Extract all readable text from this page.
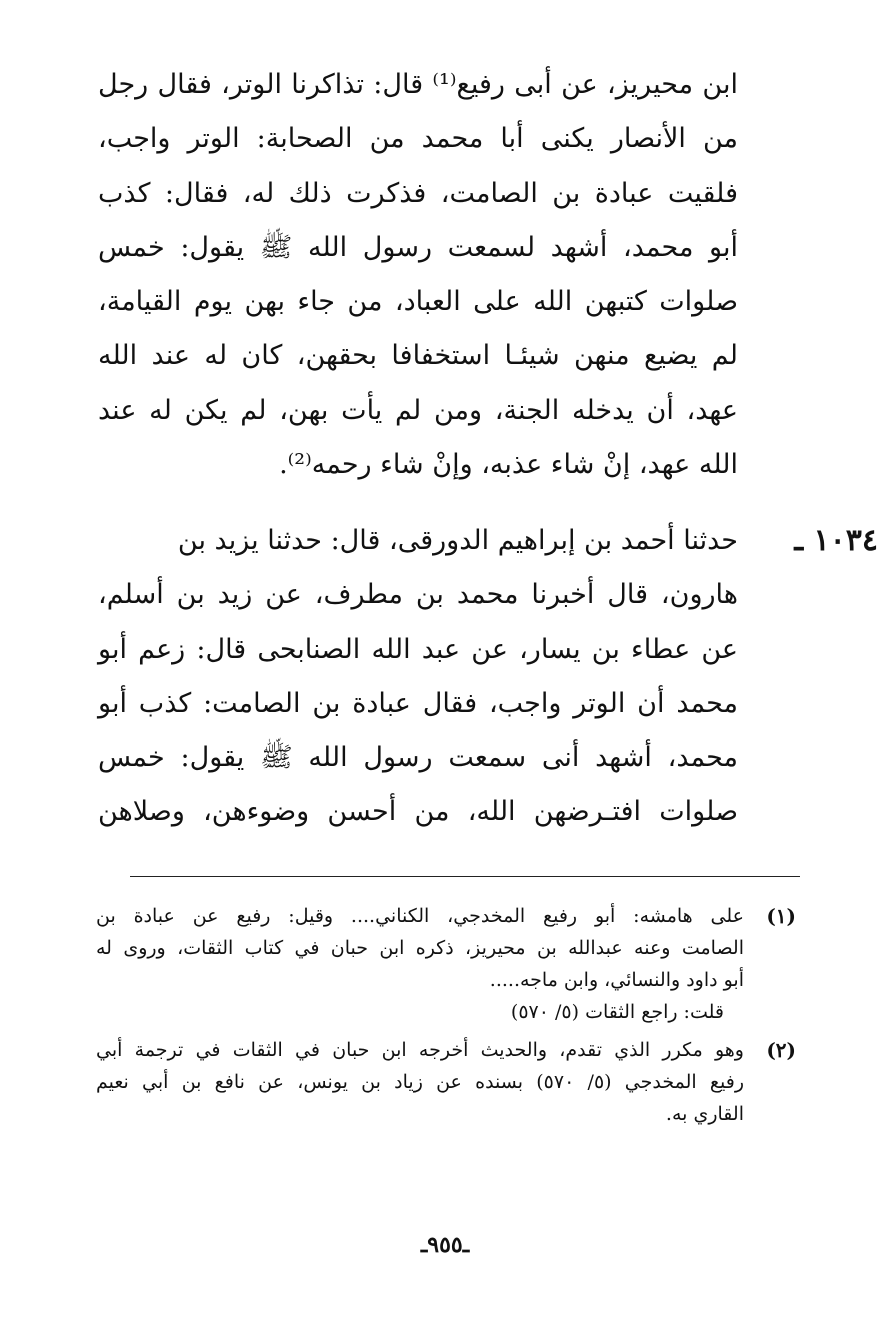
ابن محيريز، عن أبى رفيع⁽¹⁾ قال: تذاكرنا الوتر، فقال رجل
من الأنصار يكنى أبا محمد من الصحابة: الوتر واجب،
فلقيت عبادة بن الصامت، فذكرت ذلك له، فقال: كذب
أبو محمد، أشهد لسمعت رسول الله ﷺ يقول: خمس
صلوات كتبهن الله على العباد، من جاء بهن يوم القيامة،
لم يضيع منهن شيئـا استخفافا بحقهن، كان له عند الله
عهد، أن يدخله الجنة، ومن لم يأت بهن، لم يكن له عند
الله عهد، إنْ شاء عذبه، وإنْ شاء رحمه⁽²⁾.
١٠٣٤ ـ
حدثنا أحمد بن إبراهيم الدورقى، قال: حدثنا يزيد بن
هارون، قال أخبرنا محمد بن مطرف، عن زيد بن أسلم،
عن عطاء بن يسار، عن عبد الله الصنابحى قال: زعم أبو
محمد أن الوتر واجب، فقال عبادة بن الصامت: كذب أبو
محمد، أشهد أنى سمعت رسول الله ﷺ يقول: خمس
صلوات افتـرضهن الله، من أحسن وضوءهن، وصلاهن
(١)
على هامشه: أبو رفيع المخدجي، الكناني.... وقيل: رفيع عن عبادة بن
الصامت وعنه عبدالله بن محيريز، ذكره ابن حبان في كتاب الثقات، وروى له
أبو داود والنسائي، وابن ماجه.....
قلت: راجع الثقات (٥/ ٥٧٠)
(٢)
وهو مكرر الذي تقدم، والحديث أخرجه ابن حبان في الثقات في ترجمة أبي
رفيع المخدجي (٥/ ٥٧٠) بسنده عن زياد بن يونس، عن نافع بن أبي نعيم
القاري به.
ـ٩٥٥ـ
